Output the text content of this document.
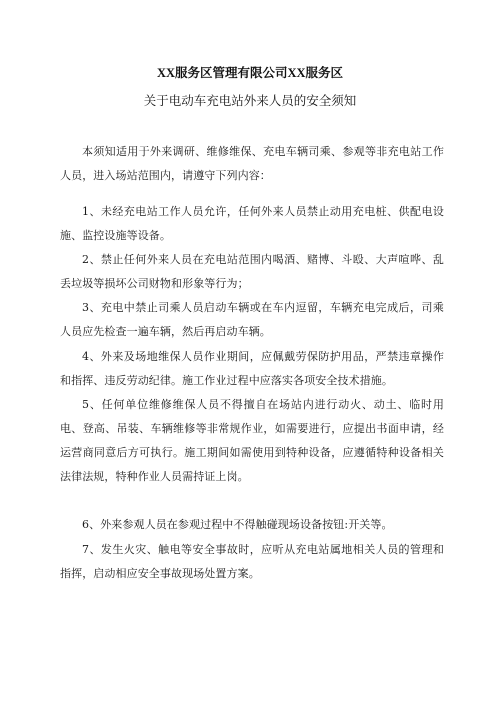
XX服务区管理有限公司XX服务区
关于电动车充电站外来人员的安全须知
本须知适用于外来调研、维修维保、充电车辆司乘、参观等非充电站工作人员，进入场站范围内，请遵守下列内容：
1、未经充电站工作人员允许，任何外来人员禁止动用充电桩、供配电设施、监控设施等设备。
2、禁止任何外来人员在充电站范围内喝酒、赌博、斗殴、大声喧哗、乱丢垃圾等损坏公司财物和形象等行为；
3、充电中禁止司乘人员启动车辆或在车内逗留，车辆充电完成后，司乘人员应先检查一遍车辆，然后再启动车辆。
4、外来及场地维保人员作业期间，应佩戴劳保防护用品，严禁违章操作和指挥、违反劳动纪律。施工作业过程中应落实各项安全技术措施。
5、任何单位维修维保人员不得擅自在场站内进行动火、动土、临时用电、登高、吊装、车辆维修等非常规作业，如需要进行，应提出书面申请，经运营商同意后方可执行。施工期间如需使用到特种设备，应遵循特种设备相关法律法规，特种作业人员需持证上岗。
6、外来参观人员在参观过程中不得触碰现场设备按钮:开关等。
7、发生火灾、触电等安全事故时，应听从充电站属地相关人员的管理和指挥，启动相应安全事故现场处置方案。
